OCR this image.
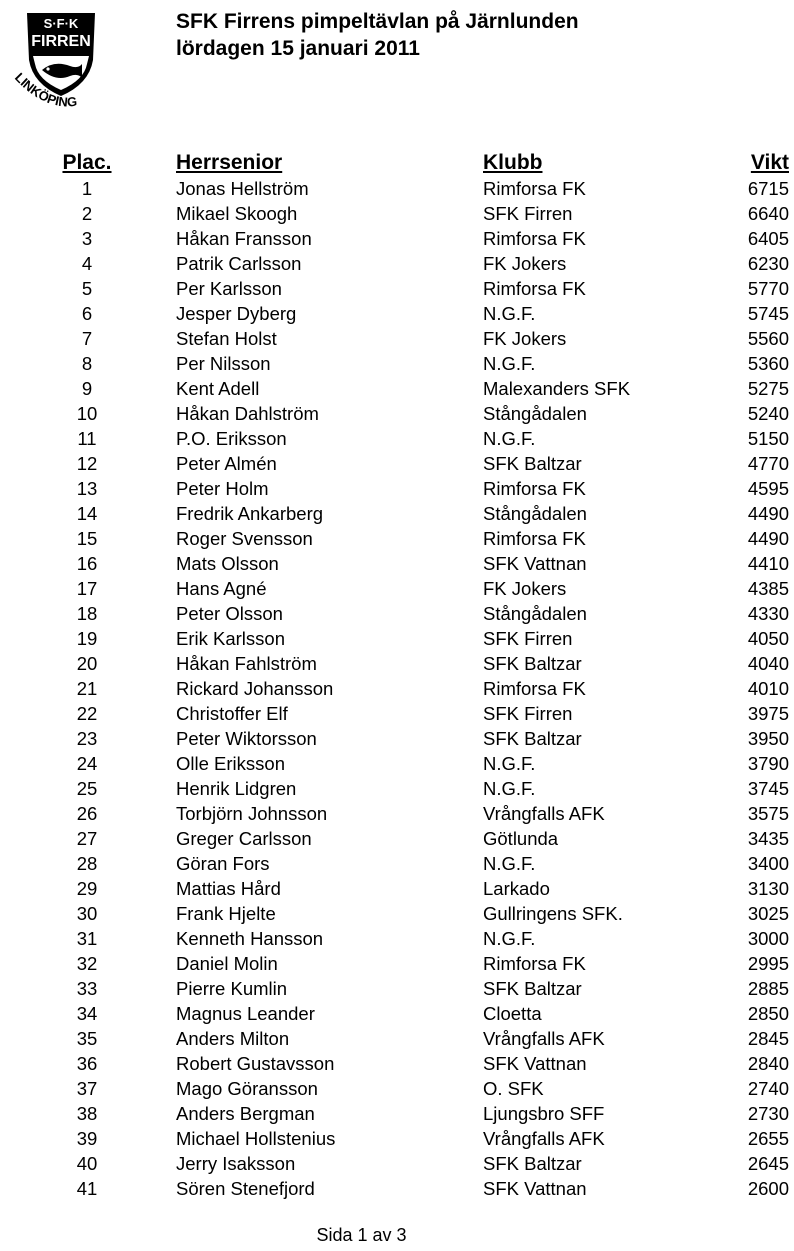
S·F·K
FIRREN
LINKÖPING
SFK Firrens pimpeltävlan på Järnlunden
lördagen 15 januari 2011
Plac.	Herrsenior	Klubb	Vikt
1	Jonas Hellström	Rimforsa FK	6715
2	Mikael Skoogh	SFK Firren	6640
3	Håkan Fransson	Rimforsa FK	6405
4	Patrik Carlsson	FK Jokers	6230
5	Per Karlsson	Rimforsa FK	5770
6	Jesper Dyberg	N.G.F.	5745
7	Stefan Holst	FK Jokers	5560
8	Per Nilsson	N.G.F.	5360
9	Kent Adell	Malexanders SFK	5275
10	Håkan Dahlström	Stångådalen	5240
11	P.O. Eriksson	N.G.F.	5150
12	Peter Almén	SFK Baltzar	4770
13	Peter Holm	Rimforsa FK	4595
14	Fredrik Ankarberg	Stångådalen	4490
15	Roger Svensson	Rimforsa FK	4490
16	Mats Olsson	SFK Vattnan	4410
17	Hans Agné	FK Jokers	4385
18	Peter Olsson	Stångådalen	4330
19	Erik Karlsson	SFK Firren	4050
20	Håkan Fahlström	SFK Baltzar	4040
21	Rickard Johansson	Rimforsa FK	4010
22	Christoffer Elf	SFK Firren	3975
23	Peter Wiktorsson	SFK Baltzar	3950
24	Olle Eriksson	N.G.F.	3790
25	Henrik Lidgren	N.G.F.	3745
26	Torbjörn Johnsson	Vrångfalls AFK	3575
27	Greger Carlsson	Götlunda	3435
28	Göran Fors	N.G.F.	3400
29	Mattias Hård	Larkado	3130
30	Frank Hjelte	Gullringens SFK.	3025
31	Kenneth Hansson	N.G.F.	3000
32	Daniel Molin	Rimforsa FK	2995
33	Pierre Kumlin	SFK Baltzar	2885
34	Magnus Leander	Cloetta	2850
35	Anders Milton	Vrångfalls AFK	2845
36	Robert Gustavsson	SFK Vattnan	2840
37	Mago Göransson	O. SFK	2740
38	Anders Bergman	Ljungsbro SFF	2730
39	Michael Hollstenius	Vrångfalls AFK	2655
40	Jerry Isaksson	SFK Baltzar	2645
41	Sören Stenefjord	SFK Vattnan	2600
Sida 1 av 3
